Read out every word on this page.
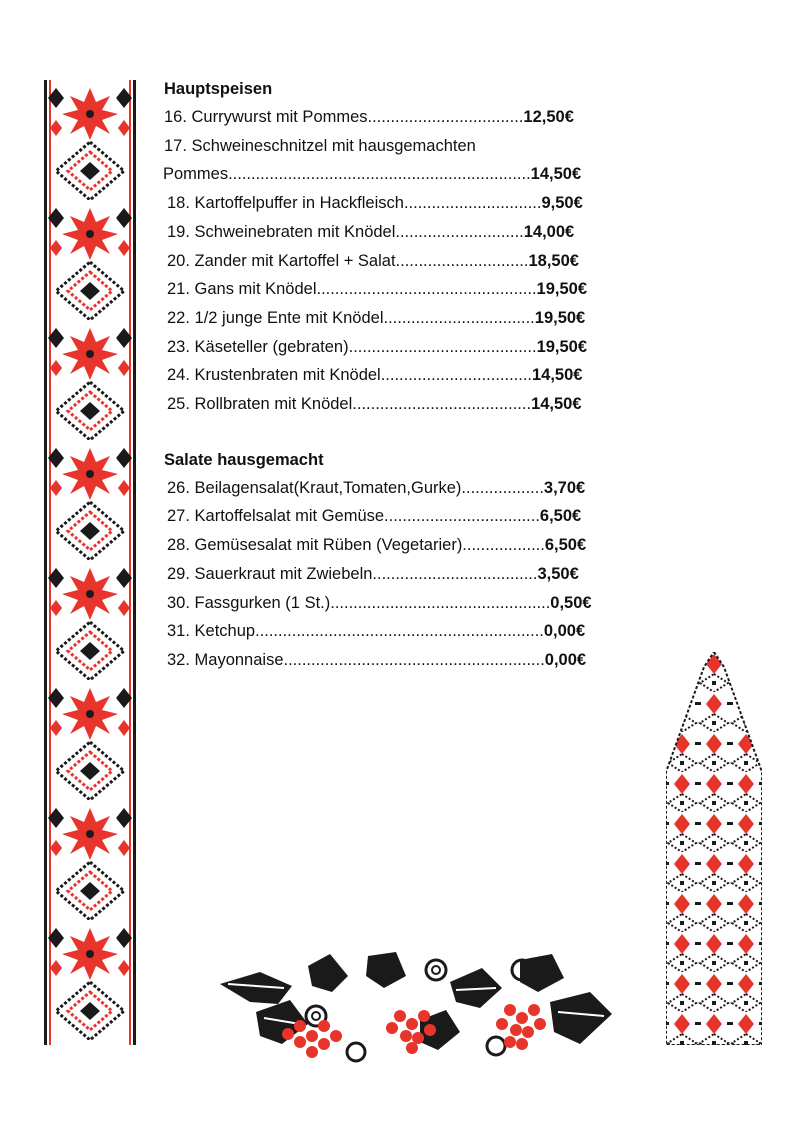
Hauptspeisen
16. Currywurst mit Pommes..................................12,50€
17. Schweineschnitzel mit hausgemachten
Pommes..................................................................14,50€
18. Kartoffelpuffer in Hackfleisch..............................9,50€
19. Schweinebraten mit Knödel............................14,00€
20. Zander mit Kartoffel + Salat.............................18,50€
21. Gans mit Knödel................................................19,50€
22. 1/2 junge Ente mit Knödel.................................19,50€
23. Käseteller (gebraten).........................................19,50€
24. Krustenbraten mit Knödel.................................14,50€
25. Rollbraten mit Knödel.......................................14,50€
Salate hausgemacht
26. Beilagensalat(Kraut,Tomaten,Gurke)..................3,70€
27. Kartoffelsalat mit Gemüse..................................6,50€
28. Gemüsesalat mit Rüben (Vegetarier)..................6,50€
29. Sauerkraut mit Zwiebeln....................................3,50€
30. Fassgurken (1 St.)................................................0,50€
31. Ketchup...............................................................0,00€
32. Mayonnaise.........................................................0,00€
